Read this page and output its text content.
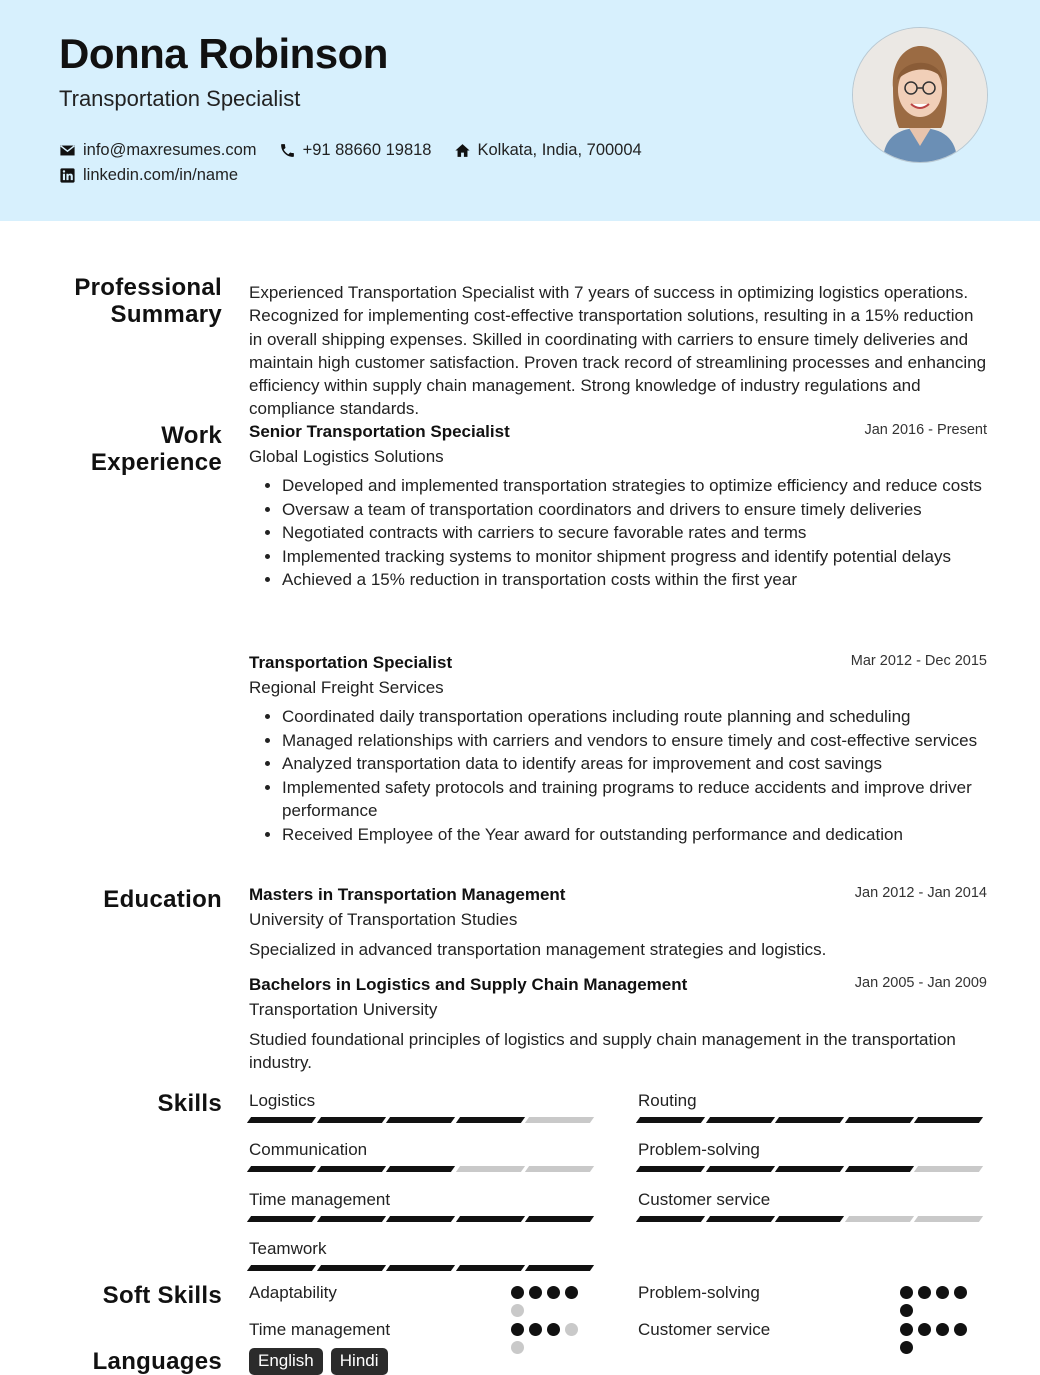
Donna Robinson
Transportation Specialist
info@maxresumes.com	+91 88660 19818	Kolkata, India, 700004
linkedin.com/in/name
Professional
Summary
Work
Experience
Education
Skills
Soft Skills
Languages
Experienced Transportation Specialist with 7 years of success in optimizing logistics operations. Recognized for implementing cost-effective transportation solutions, resulting in a 15% reduction in overall shipping expenses. Skilled in coordinating with carriers to ensure timely deliveries and maintain high customer satisfaction. Proven track record of streamlining processes and enhancing efficiency within supply chain management. Strong knowledge of industry regulations and compliance standards.
Senior Transportation Specialist	Jan 2016 - Present
Global Logistics Solutions
• Developed and implemented transportation strategies to optimize efficiency and reduce costs
• Oversaw a team of transportation coordinators and drivers to ensure timely deliveries
• Negotiated contracts with carriers to secure favorable rates and terms
• Implemented tracking systems to monitor shipment progress and identify potential delays
• Achieved a 15% reduction in transportation costs within the first year
Transportation Specialist	Mar 2012 - Dec 2015
Regional Freight Services
• Coordinated daily transportation operations including route planning and scheduling
• Managed relationships with carriers and vendors to ensure timely and cost-effective services
• Analyzed transportation data to identify areas for improvement and cost savings
• Implemented safety protocols and training programs to reduce accidents and improve driver performance
• Received Employee of the Year award for outstanding performance and dedication
Masters in Transportation Management	Jan 2012 - Jan 2014
University of Transportation Studies
Specialized in advanced transportation management strategies and logistics.
Bachelors in Logistics and Supply Chain Management	Jan 2005 - Jan 2009
Transportation University
Studied foundational principles of logistics and supply chain management in the transportation industry.
Logistics	Routing
Communication	Problem-solving
Time management	Customer service
Teamwork
Adaptability	Problem-solving
Time management	Customer service
English	Hindi
